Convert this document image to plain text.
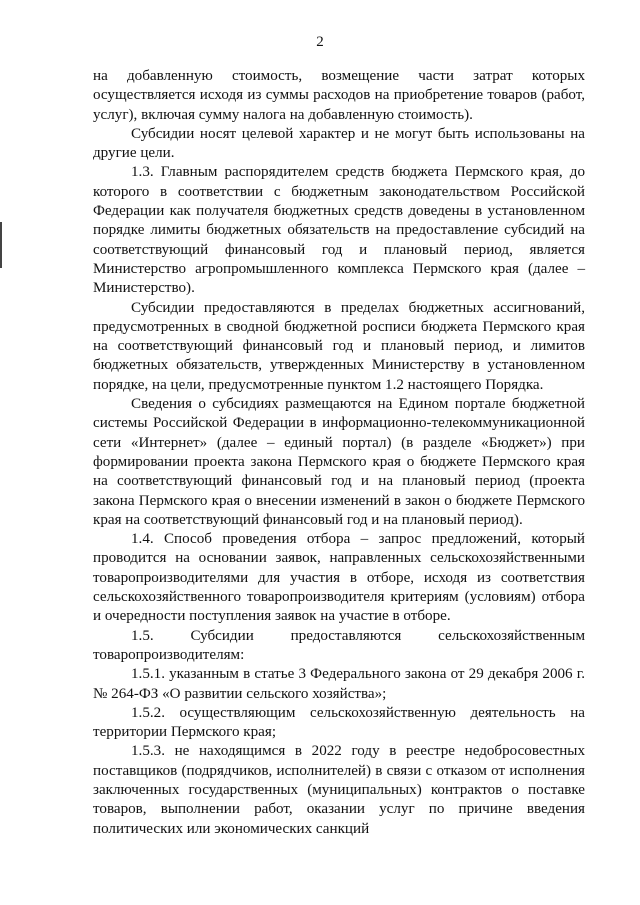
2

на добавленную стоимость, возмещение части затрат которых осуществляется исходя из суммы расходов на приобретение товаров (работ, услуг), включая сумму налога на добавленную стоимость).

Субсидии носят целевой характер и не могут быть использованы на другие цели.

1.3. Главным распорядителем средств бюджета Пермского края, до которого в соответствии с бюджетным законодательством Российской Федерации как получателя бюджетных средств доведены в установленном порядке лимиты бюджетных обязательств на предоставление субсидий на соответствующий финансовый год и плановый период, является Министерство агропромышленного комплекса Пермского края (далее – Министерство).

Субсидии предоставляются в пределах бюджетных ассигнований, предусмотренных в сводной бюджетной росписи бюджета Пермского края на соответствующий финансовый год и плановый период, и лимитов бюджетных обязательств, утвержденных Министерству в установленном порядке, на цели, предусмотренные пунктом 1.2 настоящего Порядка.

Сведения о субсидиях размещаются на Едином портале бюджетной системы Российской Федерации в информационно-телекоммуникационной сети «Интернет» (далее – единый портал) (в разделе «Бюджет») при формировании проекта закона Пермского края о бюджете Пермского края на соответствующий финансовый год и на плановый период (проекта закона Пермского края о внесении изменений в закон о бюджете Пермского края на соответствующий финансовый год и на плановый период).

1.4. Способ проведения отбора – запрос предложений, который проводится на основании заявок, направленных сельскохозяйственными товаропроизводителями для участия в отборе, исходя из соответствия сельскохозяйственного товаропроизводителя критериям (условиям) отбора и очередности поступления заявок на участие в отборе.

1.5. Субсидии предоставляются сельскохозяйственным товаропроизводителям:

1.5.1. указанным в статье 3 Федерального закона от 29 декабря 2006 г. № 264-ФЗ «О развитии сельского хозяйства»;

1.5.2. осуществляющим сельскохозяйственную деятельность на территории Пермского края;

1.5.3. не находящимся в 2022 году в реестре недобросовестных поставщиков (подрядчиков, исполнителей) в связи с отказом от исполнения заключенных государственных (муниципальных) контрактов о поставке товаров, выполнении работ, оказании услуг по причине введения политических или экономических санкций
